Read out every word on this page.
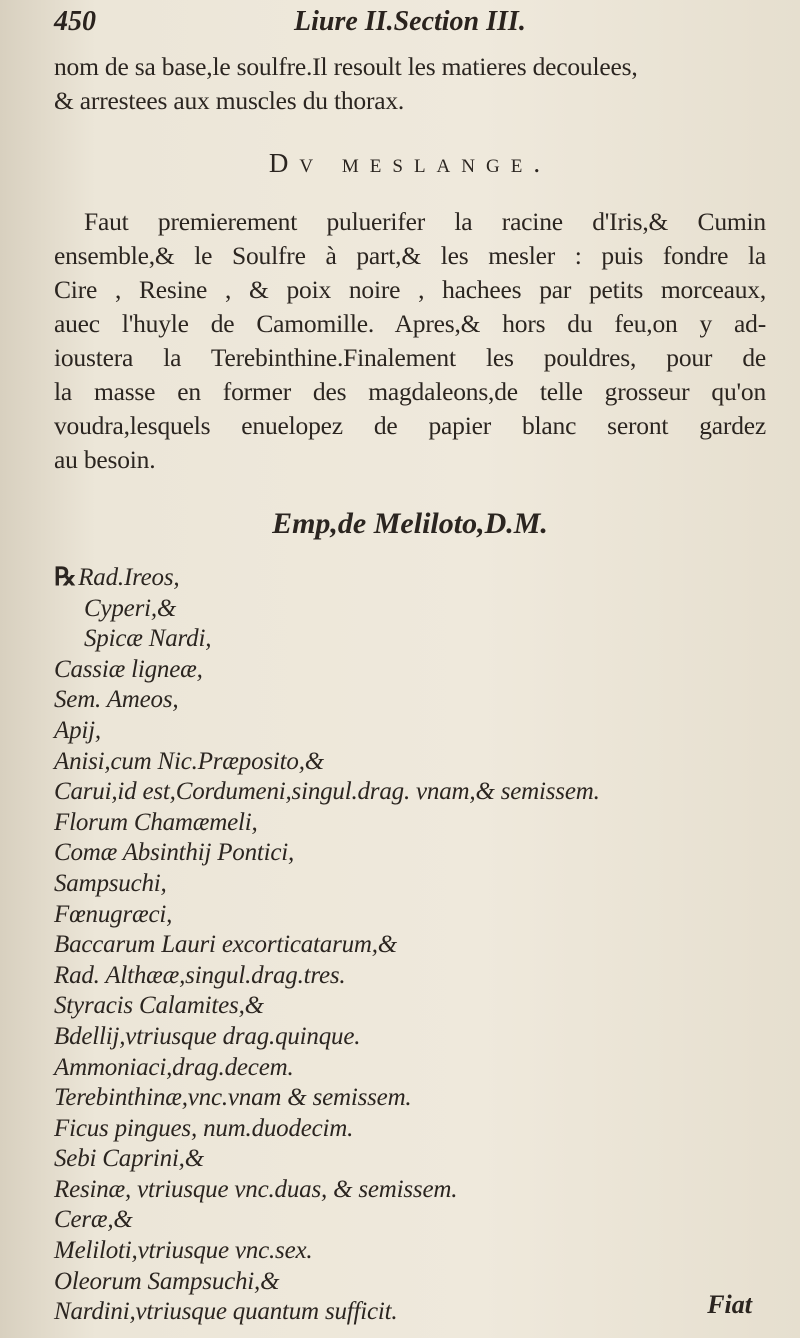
450	Liure II.Section III.
nom de sa base,le soulfre.Il resoult les matieres decoulees,
& arrestees aux muscles du thorax.
Dv meslange.
Faut premierement puluerifer la racine d'Iris,& Cumin
ensemble,& le Soulfre à part,& les mesler : puis fondre la
Cire , Resine , & poix noire , hachees par petits morceaux,
auec l'huyle de Camomille. Apres,& hors du feu,on y ad-
ioustera la Terebinthine.Finalement les pouldres, pour de
la masse en former des magdaleons,de telle grosseur qu'on
voudra,lesquels enuelopez de papier blanc seront gardez
au besoin.
Emp,de Meliloto,D.M.
℞Rad.Ireos,
Cyperi,&
Spicæ Nardi,
Cassiæ ligneæ,
Sem. Ameos,
Apij,
Anisi,cum Nic.Præposito,&
Carui,id est,Cordumeni,singul.drag. vnam,& semissem.
Florum Chamæmeli,
Comæ Absinthij Pontici,
Sampsuchi,
Fœnugræci,
Baccarum Lauri excorticatarum,&
Rad. Althææ,singul.drag.tres.
Styracis Calamites,&
Bdellij,vtriusque drag.quinque.
Ammoniaci,drag.decem.
Terebinthinæ,vnc.vnam & semissem.
Ficus pingues, num.duodecim.
Sebi Caprini,&
Resinæ, vtriusque vnc.duas, & semissem.
Ceræ,&
Meliloti,vtriusque vnc.sex.
Oleorum Sampsuchi,&
Nardini,vtriusque quantum sufficit.	Fiat
